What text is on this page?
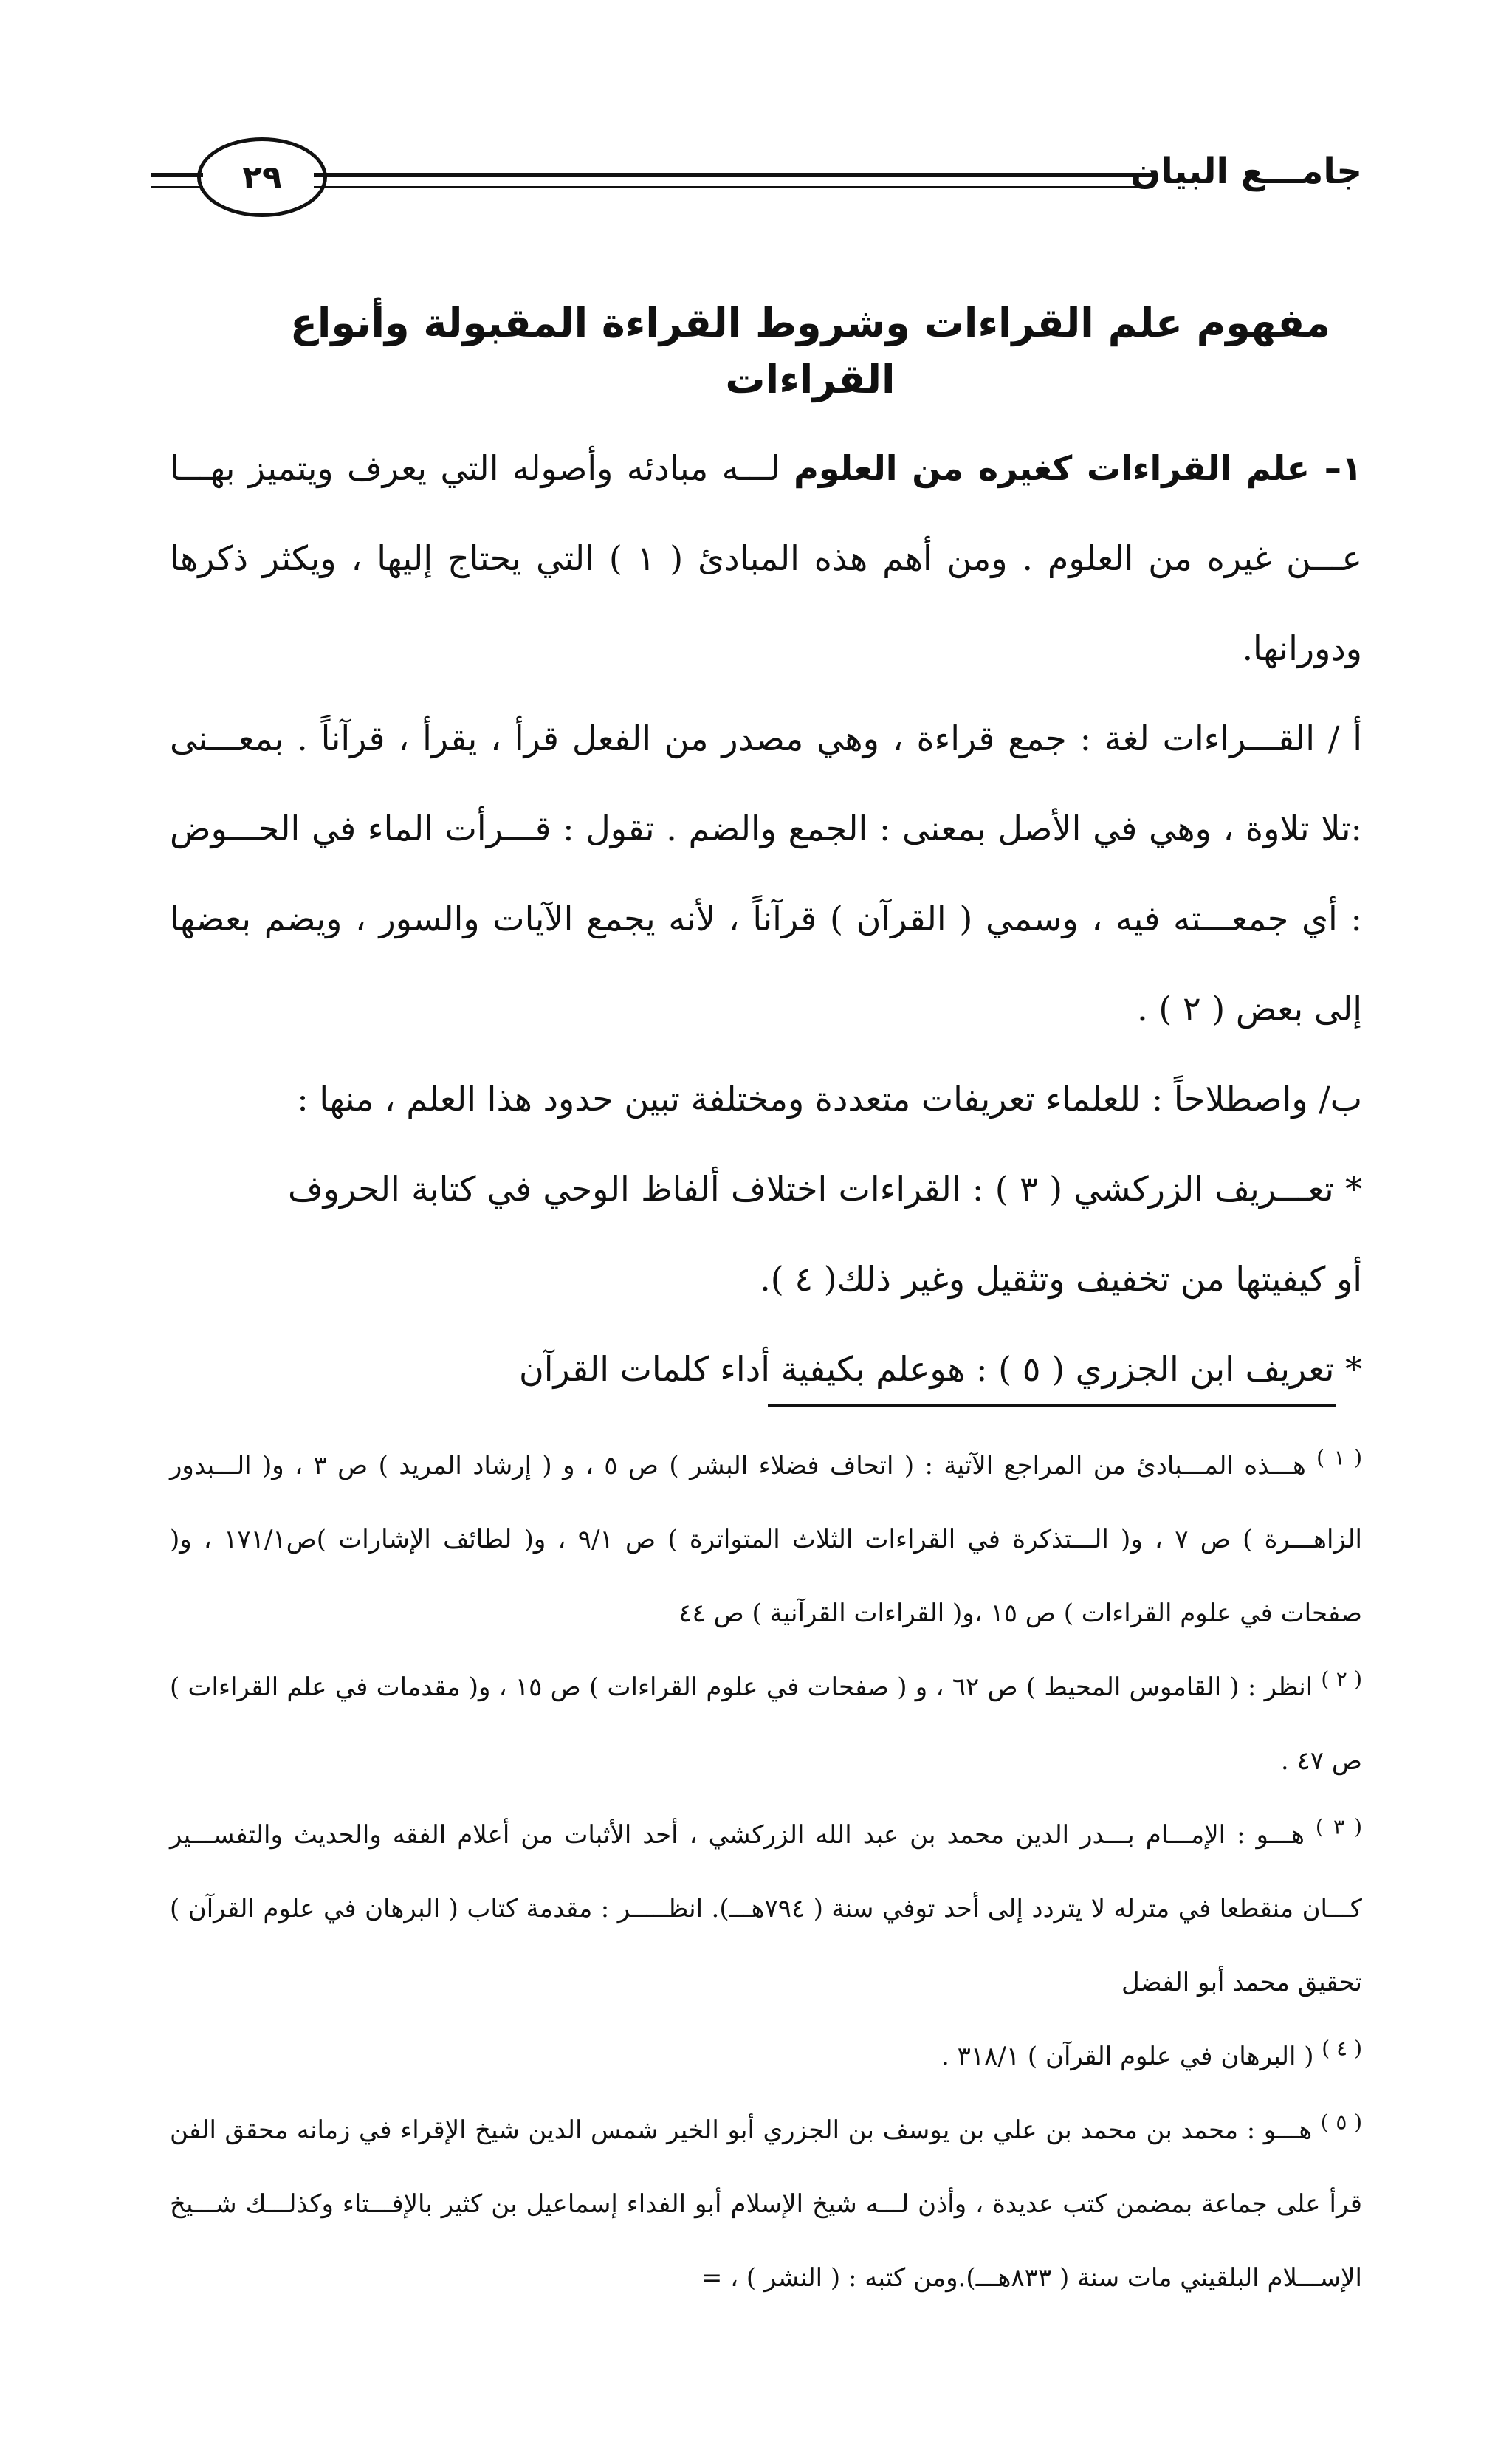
٢٩	جامـــع البيان
مفهوم علم القراءات وشروط القراءة المقبولة وأنواع القراءات

١– علم القراءات كغيره من العلوم لـــه مبادئه وأصوله التي يعرف ويتميز بهـــا عـــن غيره من العلوم . ومن أهم هذه المبادئ ( ١ ) التي يحتاج إليها ، ويكثر ذكرها ودورانها.

أ / القـــراءات لغة : جمع قراءة ، وهي مصدر من الفعل قرأ ، يقرأ ، قرآناً . بمعـــنى :تلا تلاوة ، وهي في الأصل بمعنى : الجمع والضم . تقول : قـــرأت الماء في الحـــوض : أي جمعـــته فيه ، وسمي ( القرآن ) قرآناً ، لأنه يجمع الآيات والسور ، ويضم بعضها إلى بعض ( ٢ ) .

ب/ واصطلاحاً : للعلماء تعريفات متعددة ومختلفة تبين حدود هذا العلم ، منها :

* تعـــريف الزركشي ( ٣ ) : القراءات اختلاف ألفاظ الوحي في كتابة الحروف أو كيفيتها من تخفيف وتثقيل وغير ذلك( ٤ ).

* تعريف ابن الجزري ( ٥ ) : هوعلم بكيفية أداء كلمات القرآن

$^{( ١ )}$ هـــذه المـــبادئ من المراجع الآتية : ( اتحاف فضلاء البشر ) ص ٥ ، و ( إرشاد المريد ) ص ٣ ، و( الـــبدور الزاهـــرة ) ص ٧ ، و( الـــتذكرة في القراءات الثلاث المتواترة ) ص ٩/١ ، و( لطائف الإشارات )ص١٧١/١ ، و( صفحات في علوم القراءات ) ص ١٥ ،و( القراءات القرآنية ) ص ٤٤

$^{( ٢ )}$ انظر : ( القاموس المحيط ) ص ٦٢ ، و ( صفحات في علوم القراءات ) ص ١٥ ، و( مقدمات في علم القراءات ) ص ٤٧ .

$^{( ٣ )}$ هـــو : الإمـــام بـــدر الدين محمد بن عبد الله الزركشي ، أحد الأثبات من أعلام الفقه والحديث والتفســـير كـــان منقطعا في مترله لا يتردد إلى أحد توفي سنة ( ٧٩٤هـــ). انظـــــر : مقدمة كتاب ( البرهان في علوم القرآن ) تحقيق محمد أبو الفضل

$^{( ٤ )}$ ( البرهان في علوم القرآن ) ٣١٨/١ .

$^{( ٥ )}$ هـــو : محمد بن محمد بن علي بن يوسف بن الجزري أبو الخير شمس الدين شيخ الإقراء في زمانه محقق الفن قرأ على جماعة بمضمن كتب عديدة ، وأذن لـــه شيخ الإسلام أبو الفداء إسماعيل بن كثير بالإفـــتاء وكذلـــك شـــيخ الإســـلام البلقيني مات سنة ( ٨٣٣هـــ).ومن كتبه : ( النشر ) ، =
